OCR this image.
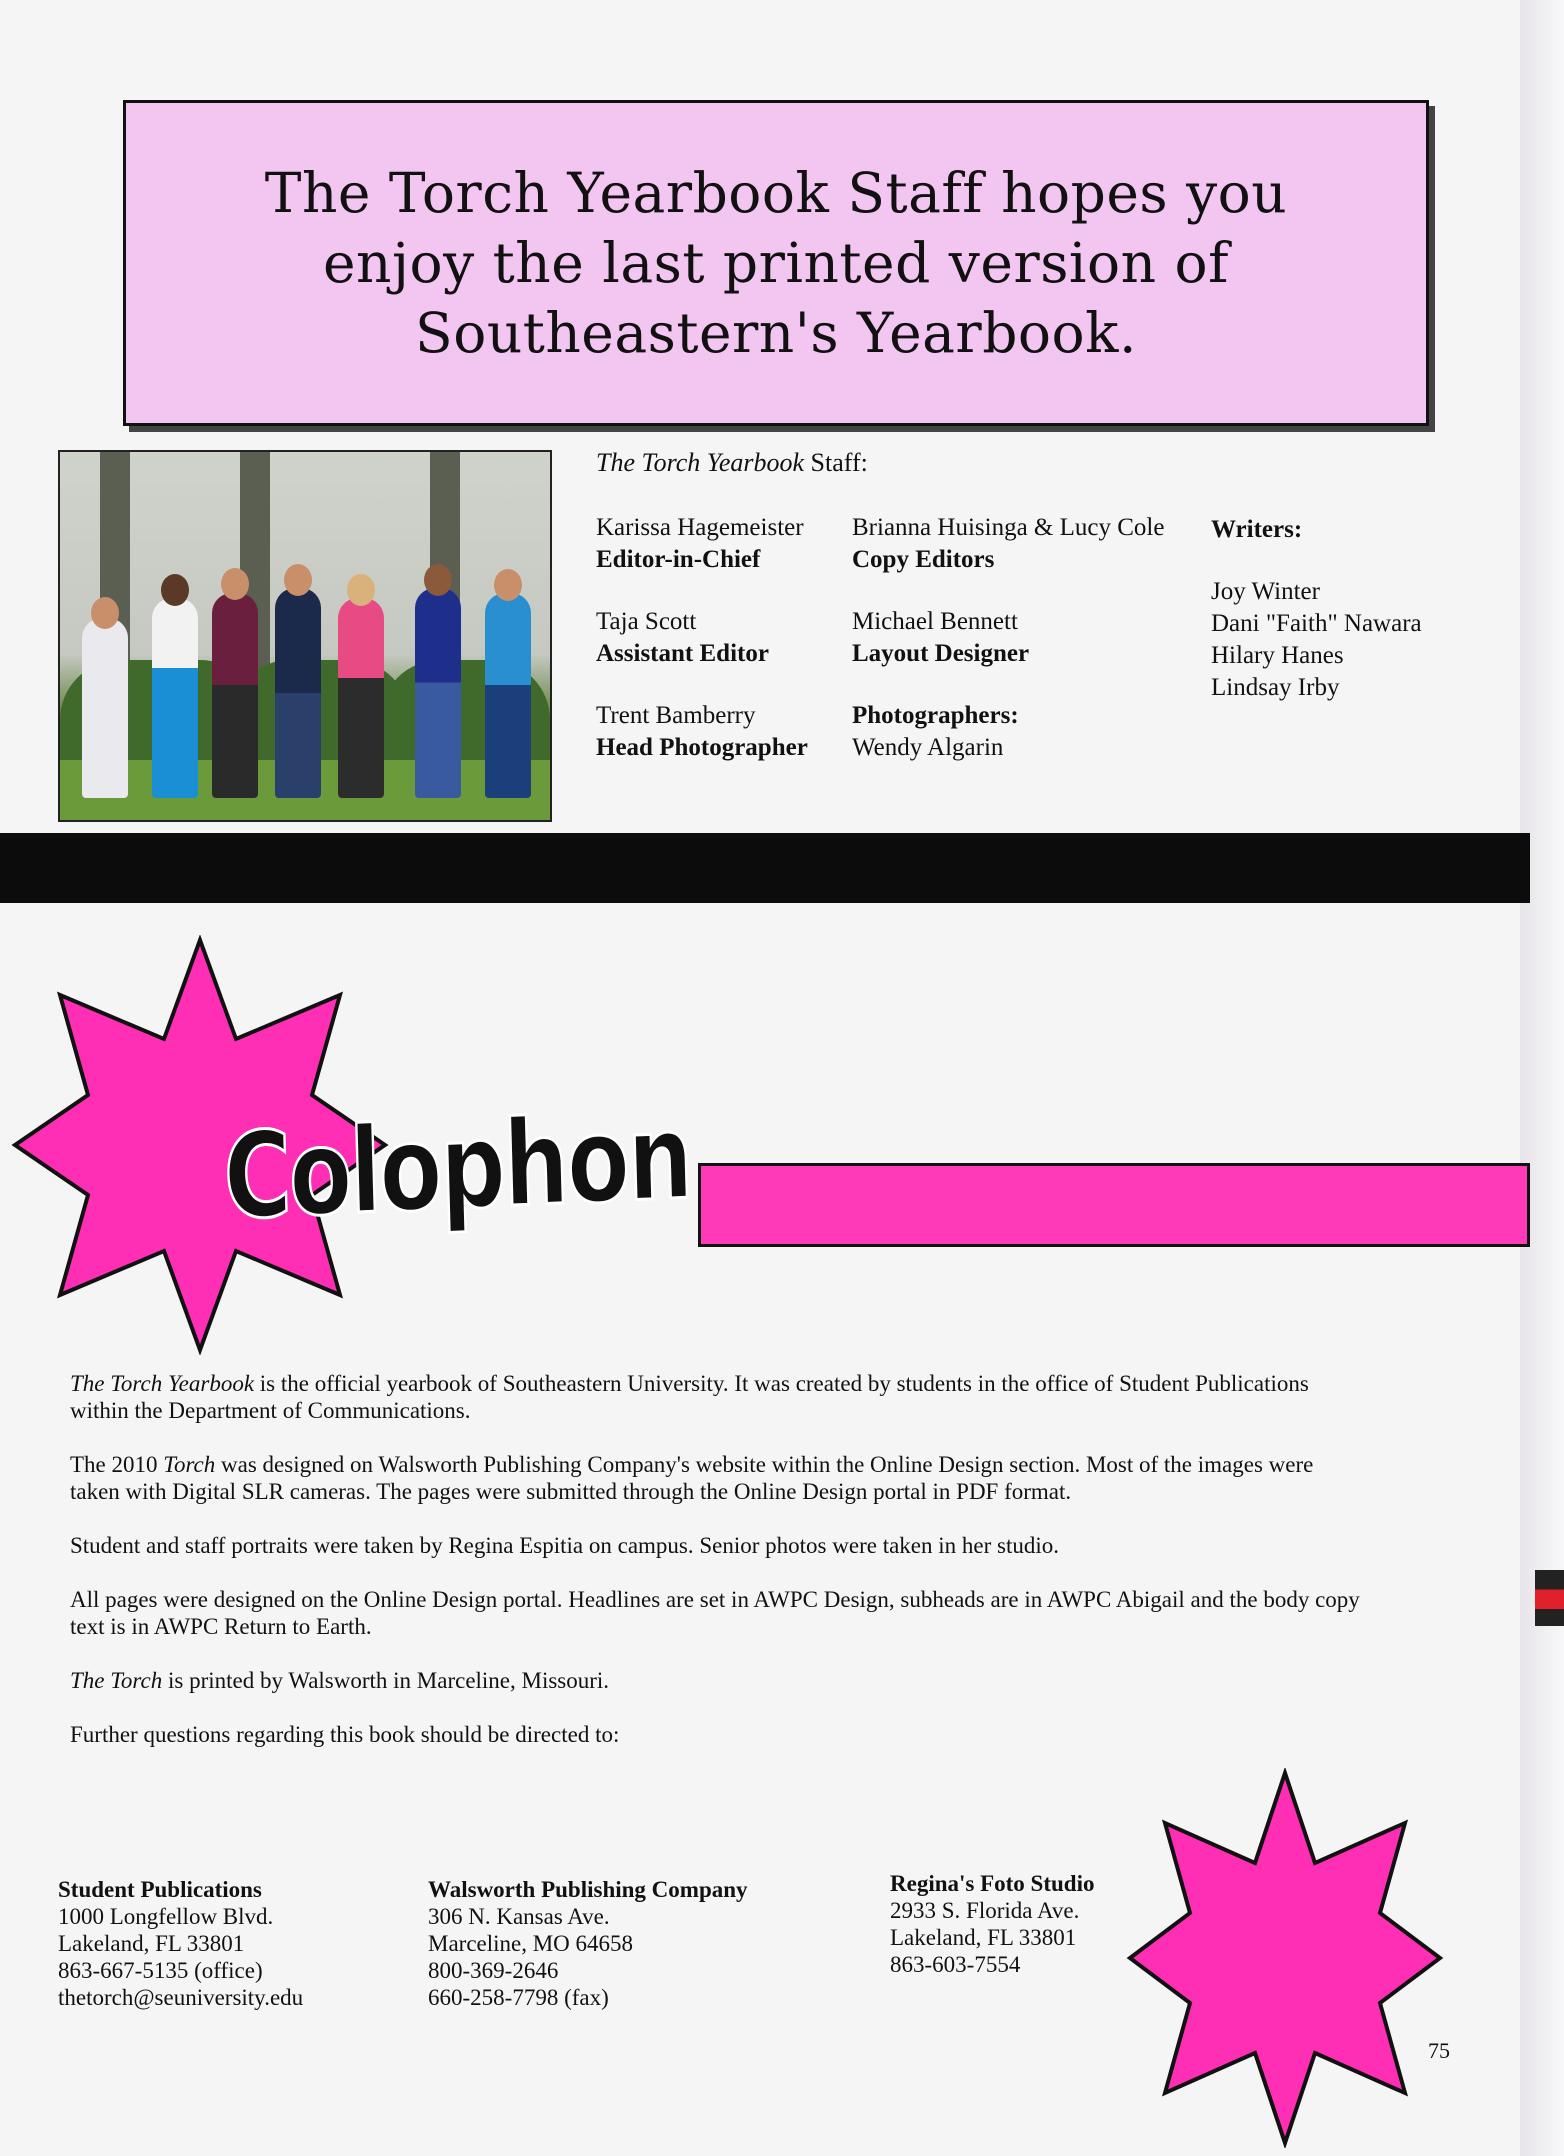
The Torch Yearbook Staff hopes you
enjoy the last printed version of
Southeastern's Yearbook.
The Torch Yearbook Staff:
Karissa Hagemeister
Editor-in-Chief
Taja Scott
Assistant Editor
Trent Bamberry
Head Photographer
Brianna Huisinga & Lucy Cole
Copy Editors
Michael Bennett
Layout Designer
Photographers:
Wendy Algarin
Writers:
Joy Winter
Dani "Faith" Nawara
Hilary Hanes
Lindsay Irby
Colophon

The Torch Yearbook is the official yearbook of Southeastern University. It was created by students in the office of Student Publications within the Department of Communications.

The 2010 Torch was designed on Walsworth Publishing Company's website within the Online Design section. Most of the images were taken with Digital SLR cameras. The pages were submitted through the Online Design portal in PDF format.

Student and staff portraits were taken by Regina Espitia on campus. Senior photos were taken in her studio.

All pages were designed on the Online Design portal. Headlines are set in AWPC Design, subheads are in AWPC Abigail and the body copy text is in AWPC Return to Earth.

The Torch is printed by Walsworth in Marceline, Missouri.

Further questions regarding this book should be directed to:

Student Publications
1000 Longfellow Blvd.
Lakeland, FL 33801
863-667-5135 (office)
thetorch@seuniversity.edu
Walsworth Publishing Company
306 N. Kansas Ave.
Marceline, MO 64658
800-369-2646
660-258-7798 (fax)
Regina's Foto Studio
2933 S. Florida Ave.
Lakeland, FL 33801
863-603-7554
75
